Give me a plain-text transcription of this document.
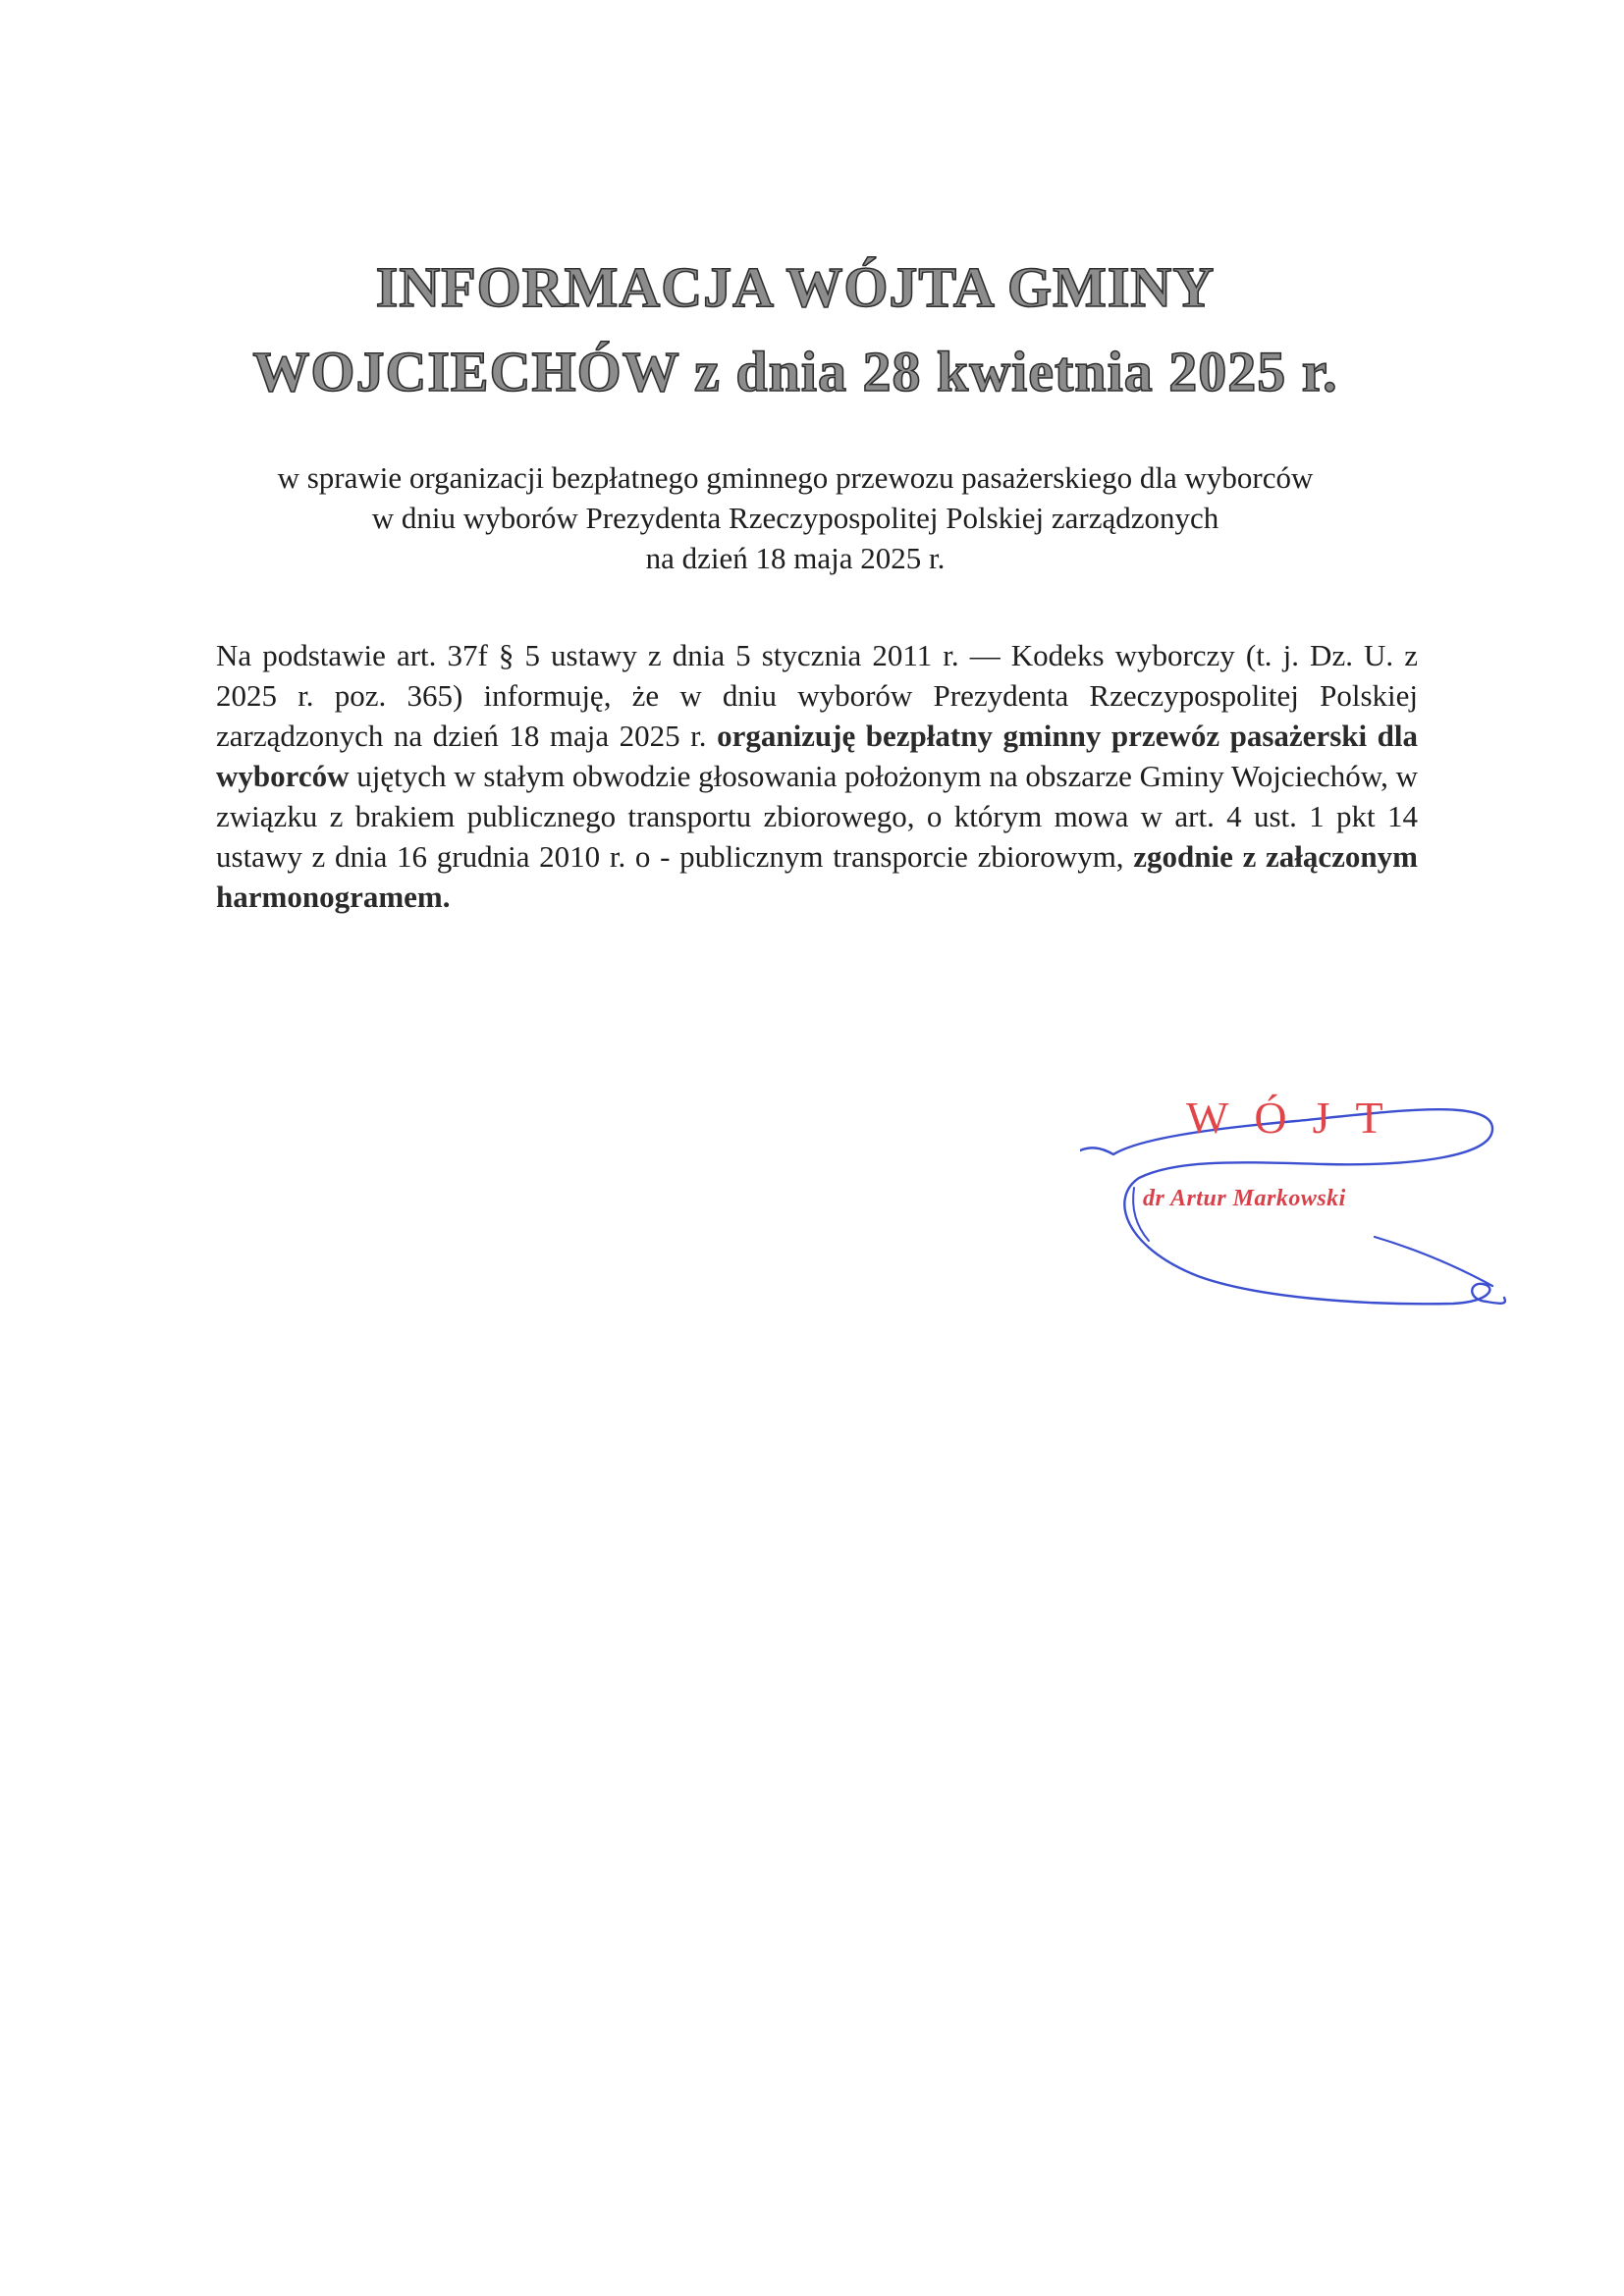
INFORMACJA WÓJTA GMINY
WOJCIECHÓW z dnia 28 kwietnia 2025 r.
w sprawie organizacji bezpłatnego gminnego przewozu pasażerskiego dla wyborców
w dniu wyborów Prezydenta Rzeczypospolitej Polskiej zarządzonych
na dzień 18 maja 2025 r.
Na podstawie art. 37f § 5 ustawy z dnia 5 stycznia 2011 r. — Kodeks wyborczy (t. j. Dz. U. z 2025 r. poz. 365) informuję, że w dniu wyborów Prezydenta Rzeczypospolitej Polskiej zarządzonych na dzień 18 maja 2025 r. organizuję bezpłatny gminny przewóz pasażerski dla wyborców ujętych w stałym obwodzie głosowania położonym na obszarze Gminy Wojciechów, w związku z brakiem publicznego transportu zbiorowego, o którym mowa w art. 4 ust. 1 pkt 14 ustawy z dnia 16 grudnia 2010 r. o - publicznym transporcie zbiorowym, zgodnie z załączonym harmonogramem.
WÓJT
dr Artur Markowski
